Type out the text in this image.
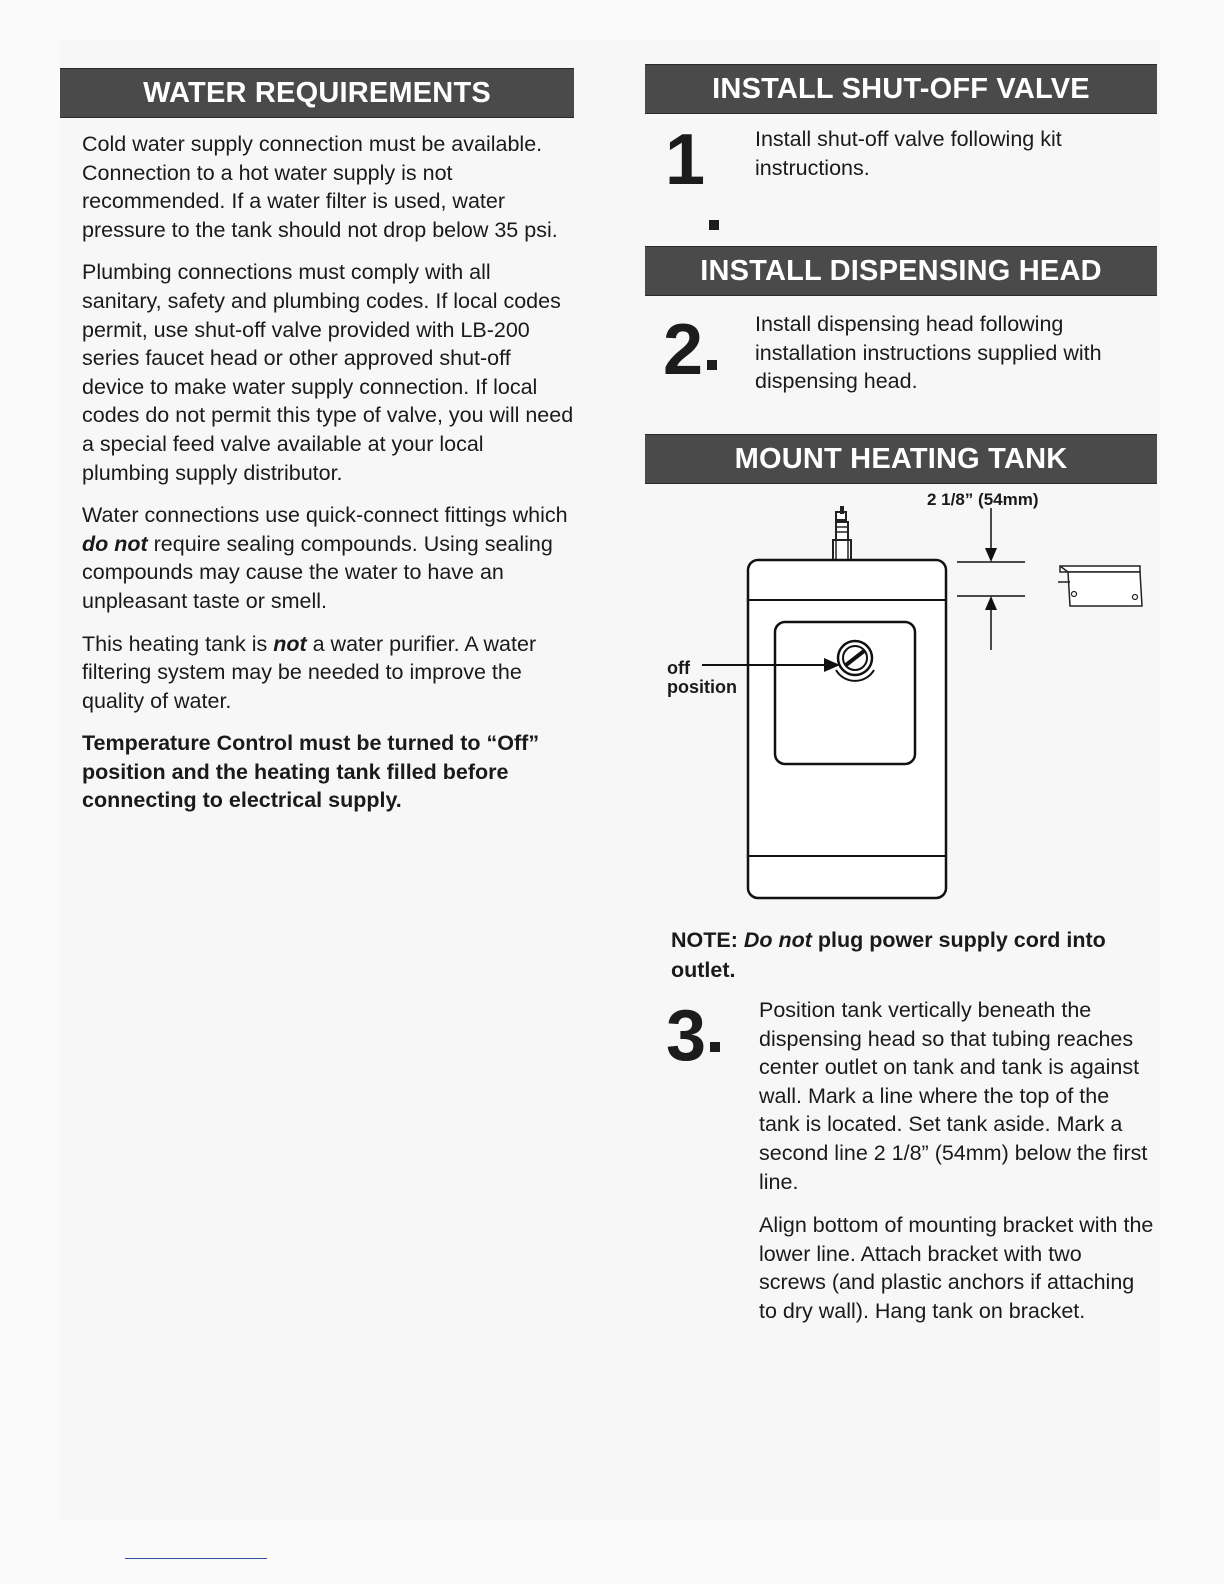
WATER REQUIREMENTS

Cold water supply connection must be available. Connection to a hot water supply is not recommended. If a water filter is used, water pressure to the tank should not drop below 35 psi.

Plumbing connections must comply with all sanitary, safety and plumbing codes. If local codes permit, use shut-off valve provided with LB-200 series faucet head or other approved shut-off device to make water supply connection. If local codes do not permit this type of valve, you will need a special feed valve available at your local plumbing supply distributor.

Water connections use quick-connect fittings which do not require sealing compounds. Using sealing compounds may cause the water to have an unpleasant taste or smell.

This heating tank is not a water purifier. A water filtering system may be needed to improve the quality of water.

Temperature Control must be turned to “Off” position and the heating tank filled before connecting to electrical supply.

INSTALL SHUT-OFF VALVE
1 Install shut-off valve following kit instructions.
INSTALL DISPENSING HEAD
2	Install dispensing head following installation instructions supplied with dispensing head.
MOUNT HEATING TANK
2 1/8” (54mm)
off
position
NOTE: Do not plug power supply cord into outlet.
3	Position tank vertically beneath the dispensing head so that tubing reaches center outlet on tank and tank is against wall. Mark a line where the top of the tank is located. Set tank aside. Mark a second line 2 1/8” (54mm) below the first line.

Align bottom of mounting bracket with the lower line. Attach bracket with two screws (and plastic anchors if attaching to dry wall). Hang tank on bracket.
